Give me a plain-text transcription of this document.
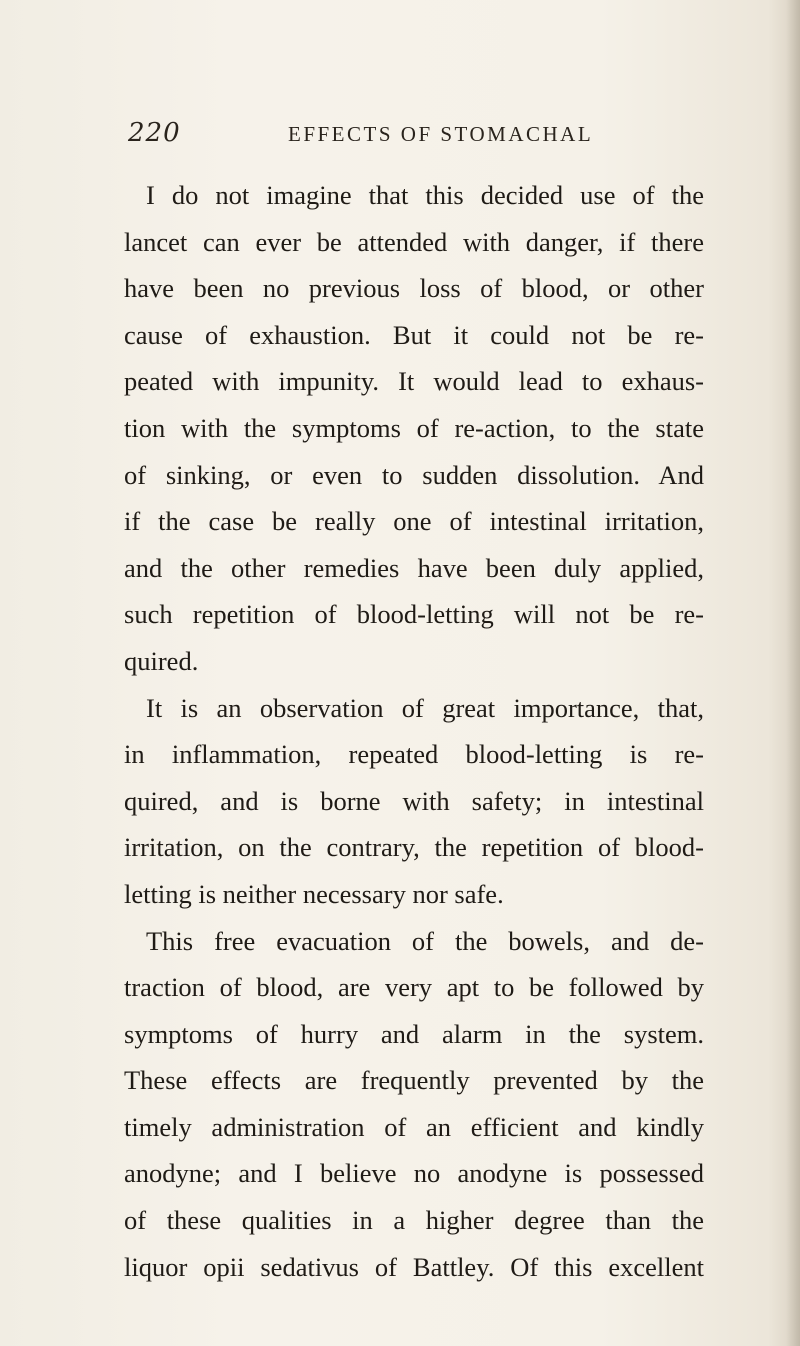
220	EFFECTS OF STOMACHAL
I do not imagine that this decided use of the
lancet can ever be attended with danger, if there
have been no previous loss of blood, or other
cause of exhaustion. But it could not be re-
peated with impunity. It would lead to exhaus-
tion with the symptoms of re-action, to the state
of sinking, or even to sudden dissolution. And
if the case be really one of intestinal irritation,
and the other remedies have been duly applied,
such repetition of blood-letting will not be re-
quired.
It is an observation of great importance, that,
in inflammation, repeated blood-letting is re-
quired, and is borne with safety; in intestinal
irritation, on the contrary, the repetition of blood-
letting is neither necessary nor safe.
This free evacuation of the bowels, and de-
traction of blood, are very apt to be followed by
symptoms of hurry and alarm in the system.
These effects are frequently prevented by the
timely administration of an efficient and kindly
anodyne; and I believe no anodyne is possessed
of these qualities in a higher degree than the
liquor opii sedativus of Battley. Of this excellent
